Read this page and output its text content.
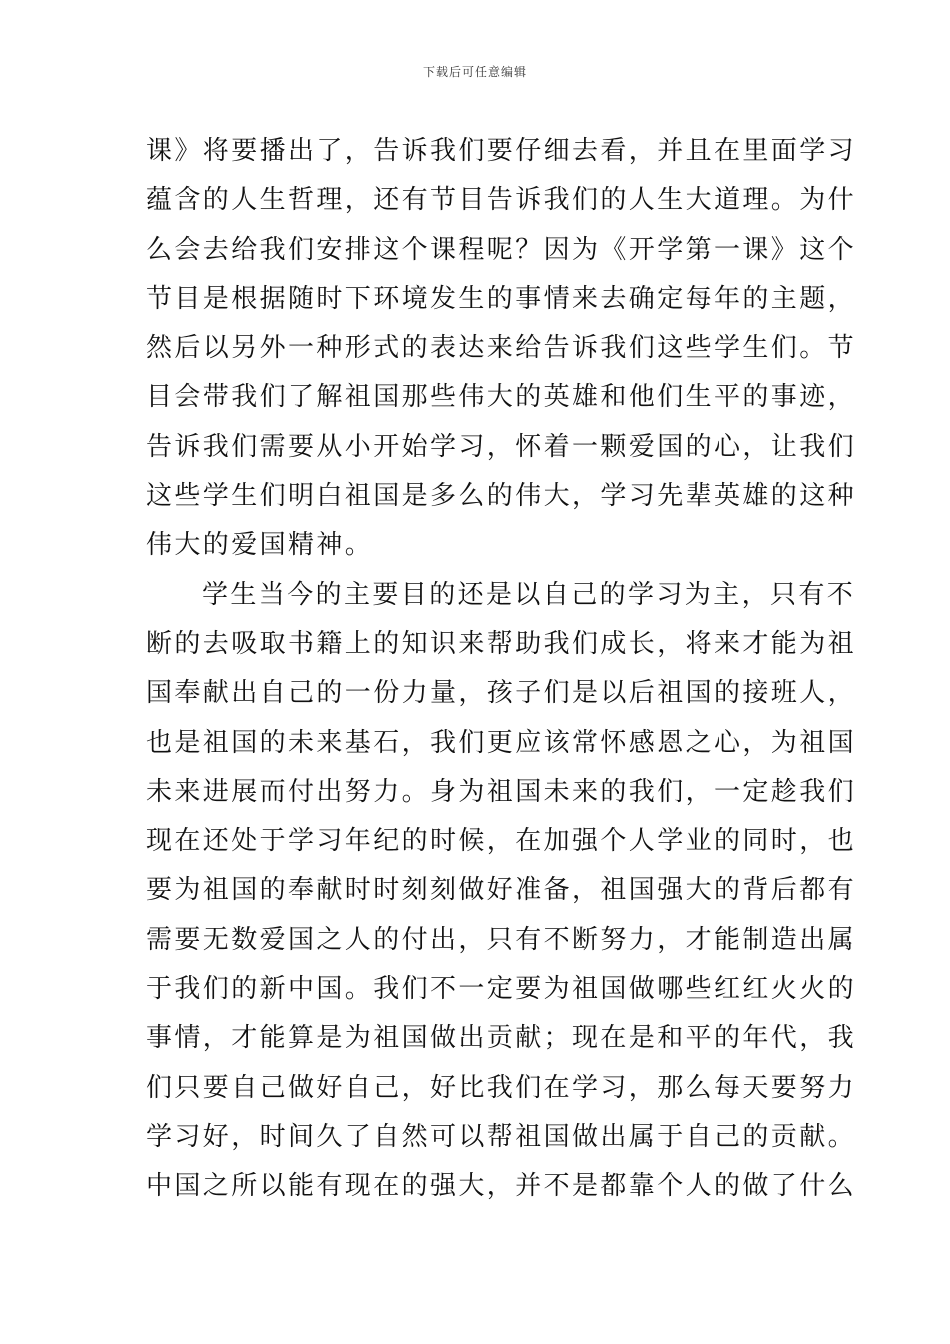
下载后可任意编辑
课》将要播出了，告诉我们要仔细去看，并且在里面学习
蕴含的人生哲理，还有节目告诉我们的人生大道理。为什
么会去给我们安排这个课程呢？因为《开学第一课》这个
节目是根据随时下环境发生的事情来去确定每年的主题，
然后以另外一种形式的表达来给告诉我们这些学生们。节
目会带我们了解祖国那些伟大的英雄和他们生平的事迹，
告诉我们需要从小开始学习，怀着一颗爱国的心，让我们
这些学生们明白祖国是多么的伟大，学习先辈英雄的这种
伟大的爱国精神。
学生当今的主要目的还是以自己的学习为主，只有不
断的去吸取书籍上的知识来帮助我们成长，将来才能为祖
国奉献出自己的一份力量，孩子们是以后祖国的接班人，
也是祖国的未来基石，我们更应该常怀感恩之心，为祖国
未来进展而付出努力。身为祖国未来的我们，一定趁我们
现在还处于学习年纪的时候，在加强个人学业的同时，也
要为祖国的奉献时时刻刻做好准备，祖国强大的背后都有
需要无数爱国之人的付出，只有不断努力，才能制造出属
于我们的新中国。我们不一定要为祖国做哪些红红火火的
事情，才能算是为祖国做出贡献；现在是和平的年代，我
们只要自己做好自己，好比我们在学习，那么每天要努力
学习好，时间久了自然可以帮祖国做出属于自己的贡献。
中国之所以能有现在的强大，并不是都靠个人的做了什么
